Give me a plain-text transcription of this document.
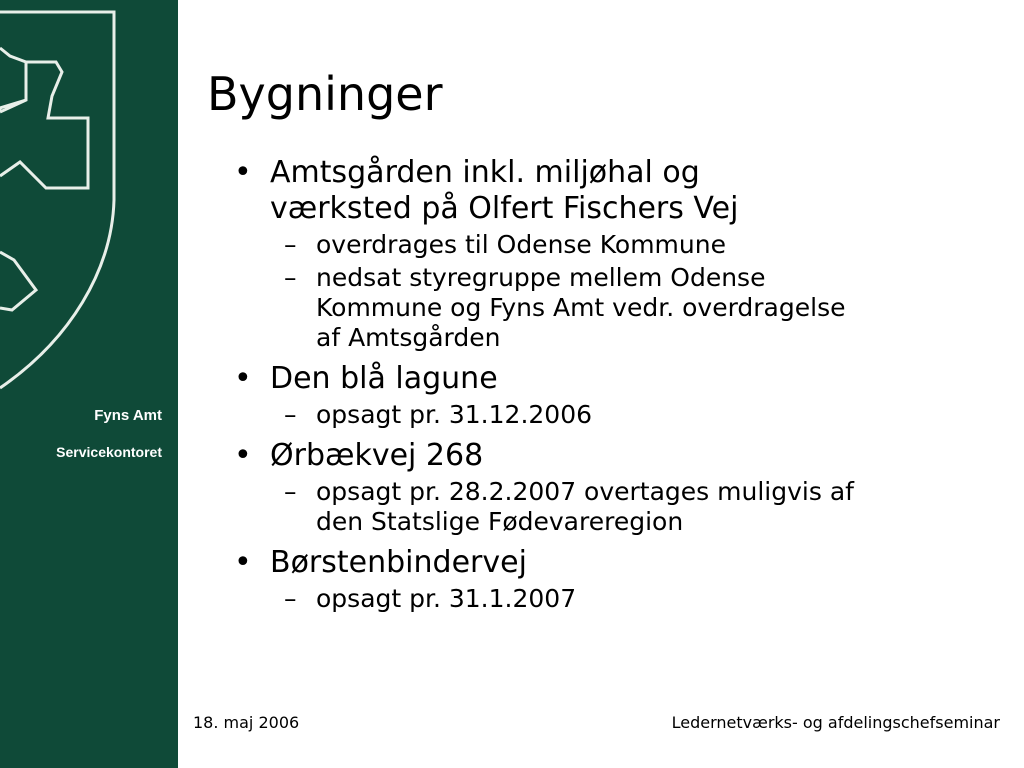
Fyns Amt
Servicekontoret
Bygninger
• Amtsgården inkl. miljøhal og
værksted på Olfert Fischers Vej
– overdrages til Odense Kommune
– nedsat styregruppe mellem Odense
Kommune og Fyns Amt vedr. overdragelse
af Amtsgården
• Den blå lagune
– opsagt pr. 31.12.2006
• Ørbækvej 268
– opsagt pr. 28.2.2007 overtages muligvis af
den Statslige Fødevareregion
• Børstenbindervej
– opsagt pr. 31.1.2007
18. maj 2006	Ledernetværks- og afdelingschefseminar
